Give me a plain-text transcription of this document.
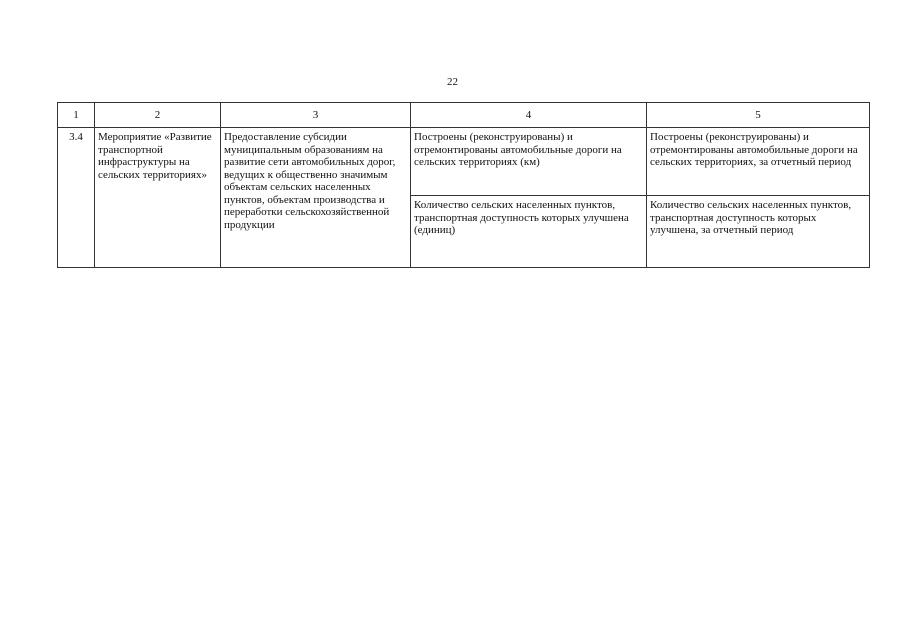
22
1	2	3	4	5
3.4	Мероприятие «Развитие транспортной инфраструктуры на сельских территориях»	Предоставление субсидии муниципальным образованиям на развитие сети автомобильных дорог, ведущих к общественно значимым объектам сельских населенных пунктов, объектам производства и переработки сельскохозяйственной продукции	Построены (реконструированы) и отремонтированы автомобильные дороги на сельских территориях (км)	Построены (реконструированы) и отремонтированы автомобильные дороги на сельских территориях, за отчетный период
			Количество сельских населенных пунктов, транспортная доступность которых улучшена (единиц)	Количество сельских населенных пунктов, транспортная доступность которых улучшена, за отчетный период
